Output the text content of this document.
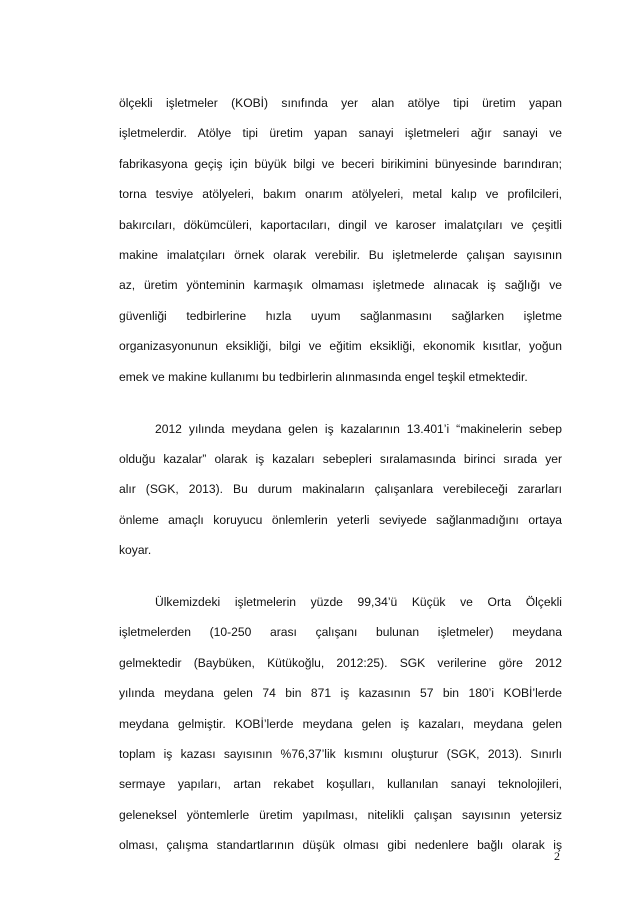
ölçekli işletmeler (KOBİ) sınıfında yer alan atölye tipi üretim yapan
işletmelerdir. Atölye tipi üretim yapan sanayi işletmeleri ağır sanayi ve
fabrikasyona geçiş için büyük bilgi ve beceri birikimini bünyesinde barındıran;
torna tesviye atölyeleri, bakım onarım atölyeleri, metal kalıp ve profilcileri,
bakırcıları, dökümcüleri, kaportacıları, dingil ve karoser imalatçıları ve çeşitli
makine imalatçıları örnek olarak verebilir. Bu işletmelerde çalışan sayısının
az, üretim yönteminin karmaşık olmaması işletmede alınacak iş sağlığı ve
güvenliği tedbirlerine hızla uyum sağlanmasını sağlarken işletme
organizasyonunun eksikliği, bilgi ve eğitim eksikliği, ekonomik kısıtlar, yoğun
emek ve makine kullanımı bu tedbirlerin alınmasında engel teşkil etmektedir.
2012 yılında meydana gelen iş kazalarının 13.401’i “makinelerin sebep
olduğu kazalar” olarak iş kazaları sebepleri sıralamasında birinci sırada yer
alır (SGK, 2013). Bu durum makinaların çalışanlara verebileceği zararları
önleme amaçlı koruyucu önlemlerin yeterli seviyede sağlanmadığını ortaya
koyar.
Ülkemizdeki işletmelerin yüzde 99,34’ü Küçük ve Orta Ölçekli
işletmelerden (10-250 arası çalışanı bulunan işletmeler) meydana
gelmektedir (Baybüken, Kütükoğlu, 2012:25). SGK verilerine göre 2012
yılında meydana gelen 74 bin 871 iş kazasının 57 bin 180’i KOBİ’lerde
meydana gelmiştir. KOBİ’lerde meydana gelen iş kazaları, meydana gelen
toplam iş kazası sayısının %76,37’lik kısmını oluşturur (SGK, 2013). Sınırlı
sermaye yapıları, artan rekabet koşulları, kullanılan sanayi teknolojileri,
geleneksel yöntemlerle üretim yapılması, nitelikli çalışan sayısının yetersiz
olması, çalışma standartlarının düşük olması gibi nedenlere bağlı olarak iş
2
